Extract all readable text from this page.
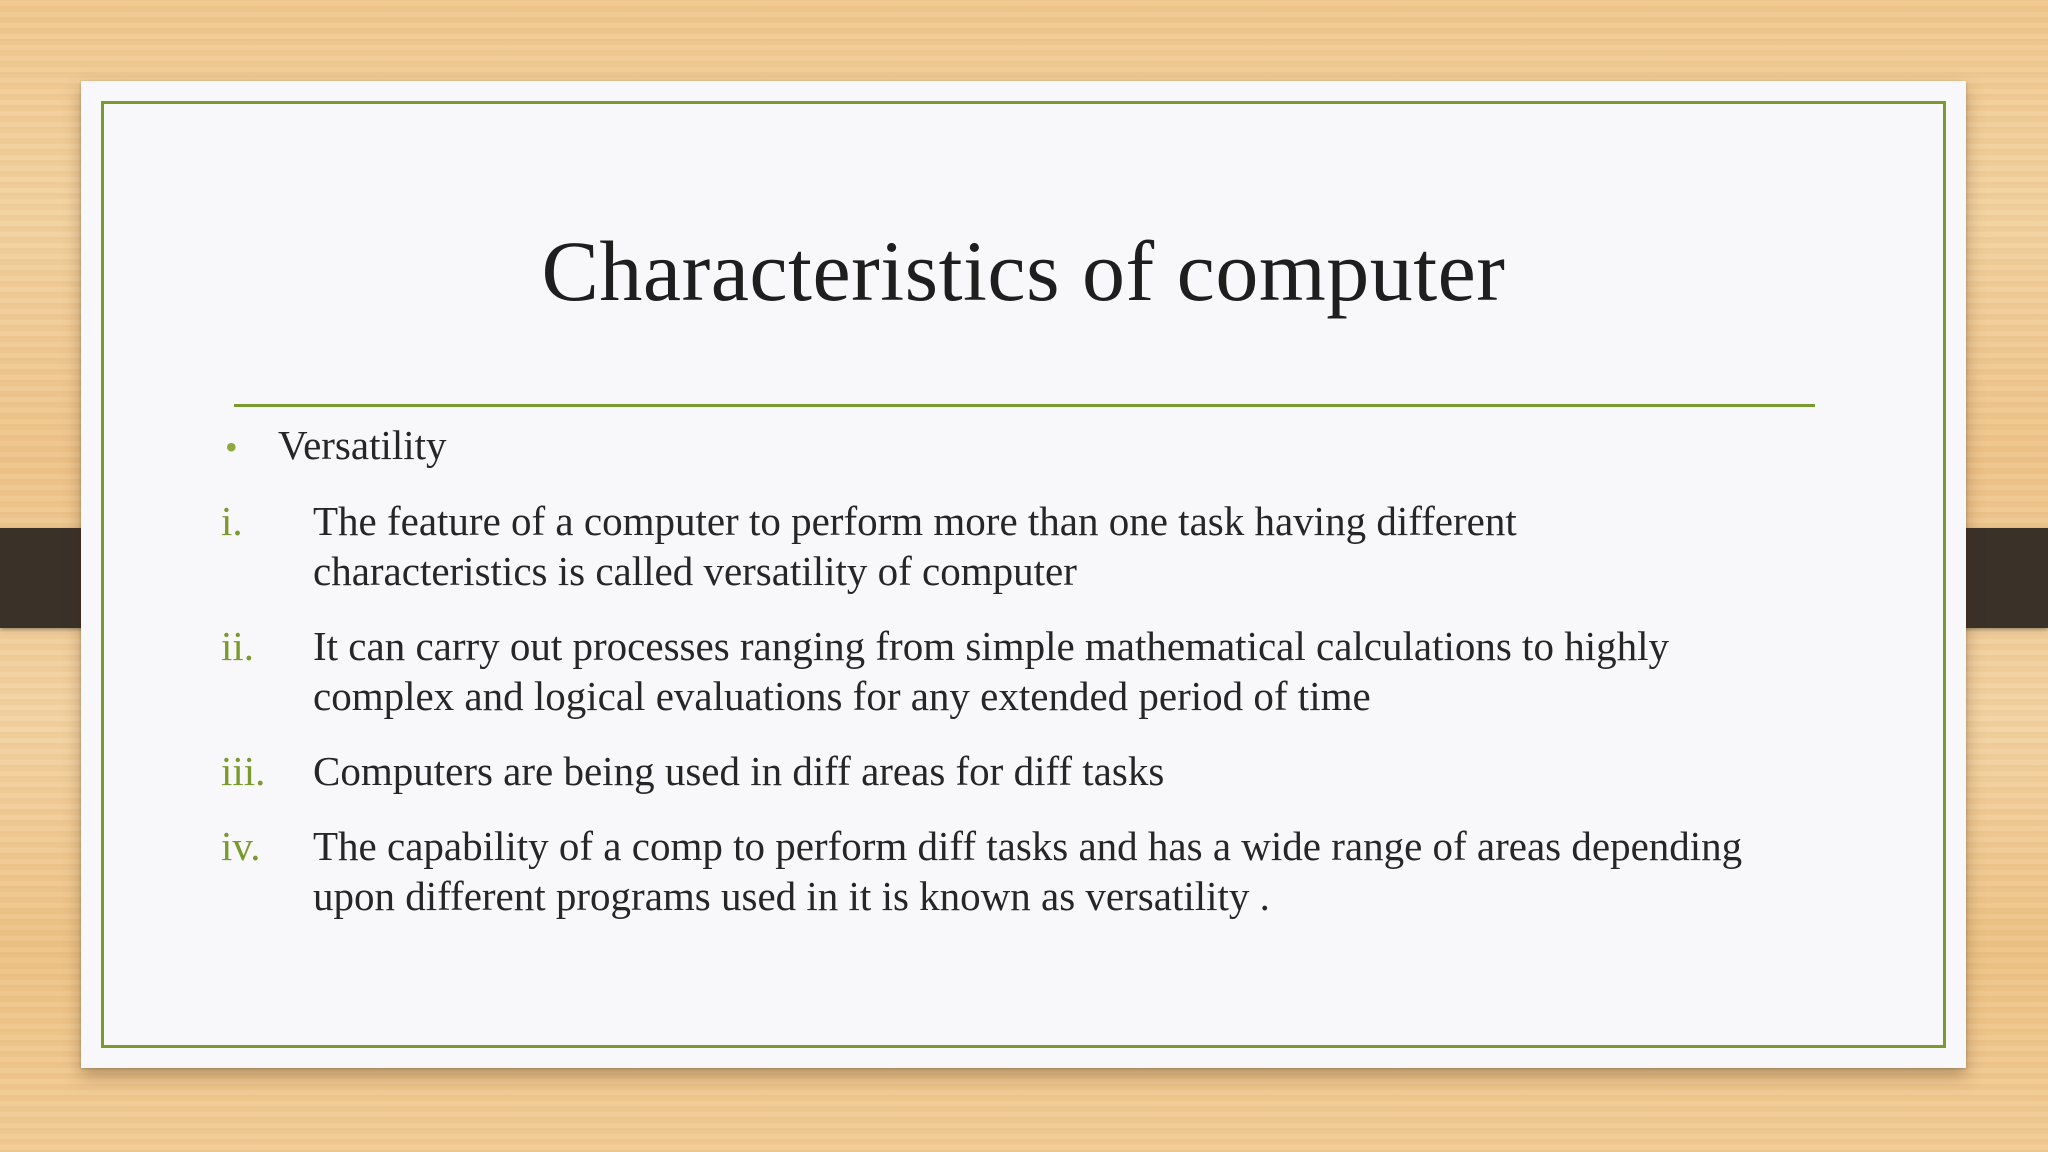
Characteristics of computer
• Versatility
i.	The feature of a computer to perform more than one task having different characteristics is called versatility of computer
ii.	It can carry out processes ranging from simple mathematical calculations to highly complex and logical evaluations for any extended period of time
iii.	Computers are being used in diff areas for diff tasks
iv.	The capability of a comp to perform diff tasks and has a wide range of areas depending upon different programs used in it is known as versatility .
